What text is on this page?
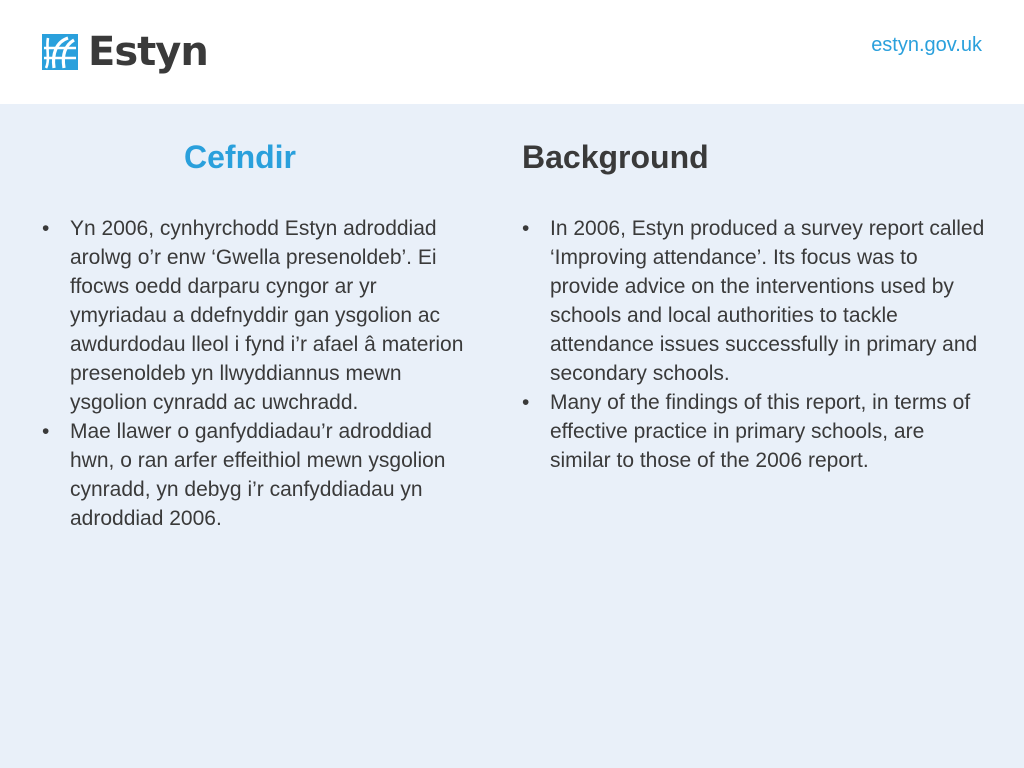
Estyn	estyn.gov.uk
Cefndir
• Yn 2006, cynhyrchodd Estyn adroddiad arolwg o’r enw ‘Gwella presenoldeb’. Ei ffocws oedd darparu cyngor ar yr ymyriadau a ddefnyddir gan ysgolion ac awdurdodau lleol i fynd i’r afael â materion presenoldeb yn llwyddiannus mewn ysgolion cynradd ac uwchradd.
• Mae llawer o ganfyddiadau’r adroddiad hwn, o ran arfer effeithiol mewn ysgolion cynradd, yn debyg i’r canfyddiadau yn adroddiad 2006.
Background
• In 2006, Estyn produced a survey report called ‘Improving attendance’. Its focus was to provide advice on the interventions used by schools and local authorities to tackle attendance issues successfully in primary and secondary schools.
• Many of the findings of this report, in terms of effective practice in primary schools, are similar to those of the 2006 report.
